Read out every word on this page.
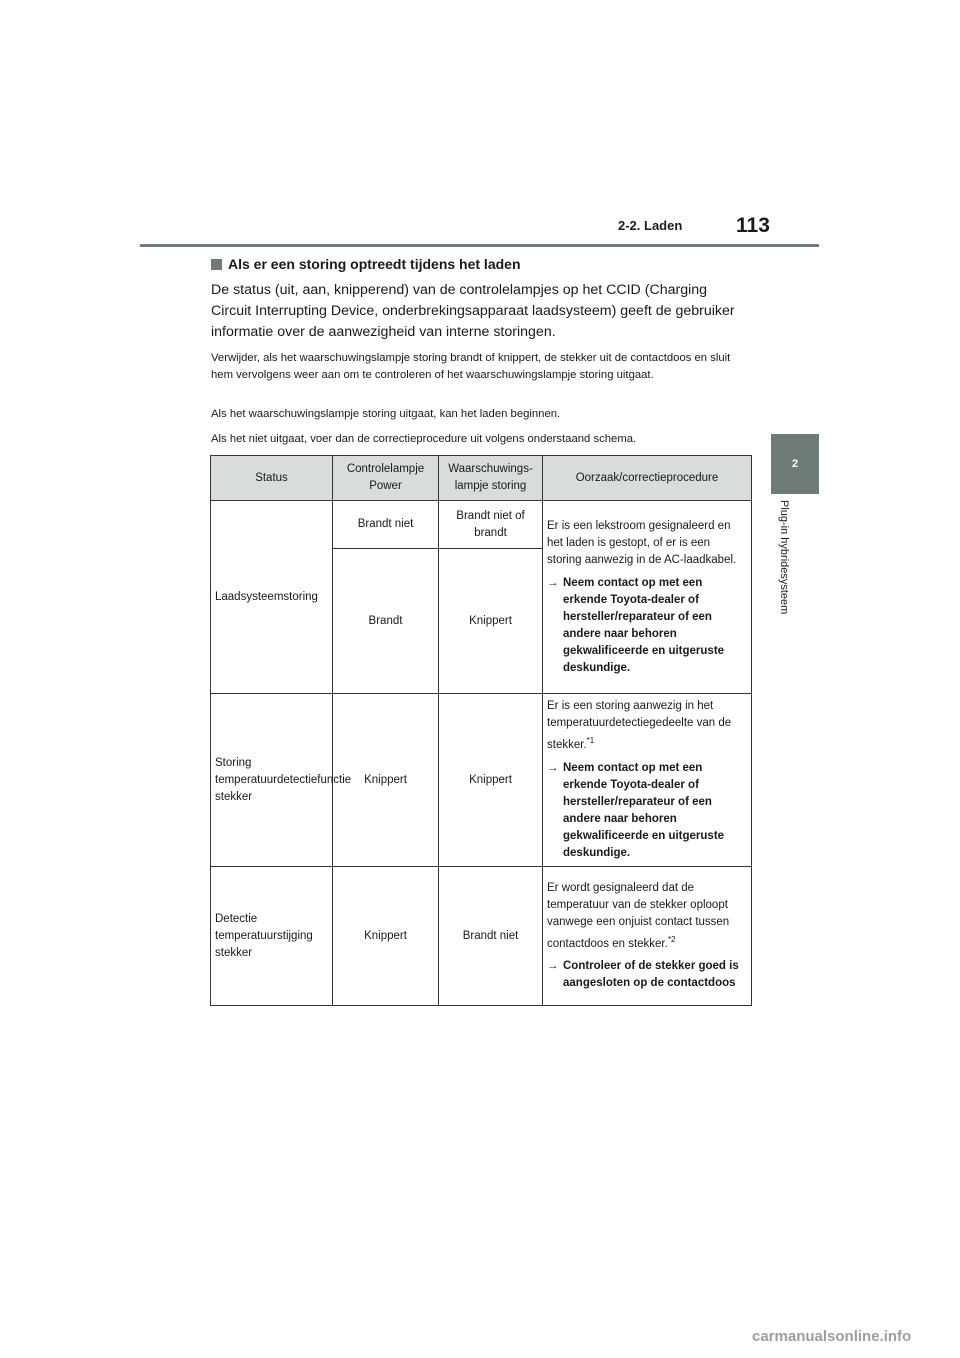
2-2. Laden	113
2
Plug-in hybridesysteem
Als er een storing optreedt tijdens het laden

De status (uit, aan, knipperend) van de controlelampjes op het CCID (Charging Circuit Interrupting Device, onderbrekingsapparaat laadsysteem) geeft de gebruiker informatie over de aanwezigheid van interne storingen.

Verwijder, als het waarschuwingslampje storing brandt of knippert, de stekker uit de contactdoos en sluit hem vervolgens weer aan om te controleren of het waarschuwingslampje storing uitgaat.

Als het waarschuwingslampje storing uitgaat, kan het laden beginnen.

Als het niet uitgaat, voer dan de correctieprocedure uit volgens onderstaand schema.

Status	Controlelampje Power	Waarschuwings-lampje storing	Oorzaak/correctieprocedure
Laadsysteemstoring	Brandt niet	Brandt niet of brandt	Er is een lekstroom gesignaleerd en het laden is gestopt, of er is een storing aanwezig in de AC-laadkabel.
→ Neem contact op met een erkende Toyota-dealer of hersteller/reparateur of een andere naar behoren gekwalificeerde en uitgeruste deskundige.

	Brandt	Knippert	
Storing temperatuurdetectiefunctie stekker	Knippert	Knippert	Er is een storing aanwezig in het temperatuurdetectiegedeelte van de stekker.$^{*1}$
→ Neem contact op met een erkende Toyota-dealer of hersteller/reparateur of een andere naar behoren gekwalificeerde en uitgeruste deskundige.

Detectie temperatuurstijging stekker	Knippert	Brandt niet	Er wordt gesignaleerd dat de temperatuur van de stekker oploopt vanwege een onjuist contact tussen contactdoos en stekker.$^{*2}$
→ Controleer of de stekker goed is aangesloten op de contactdoos
carmanualsonline.info
